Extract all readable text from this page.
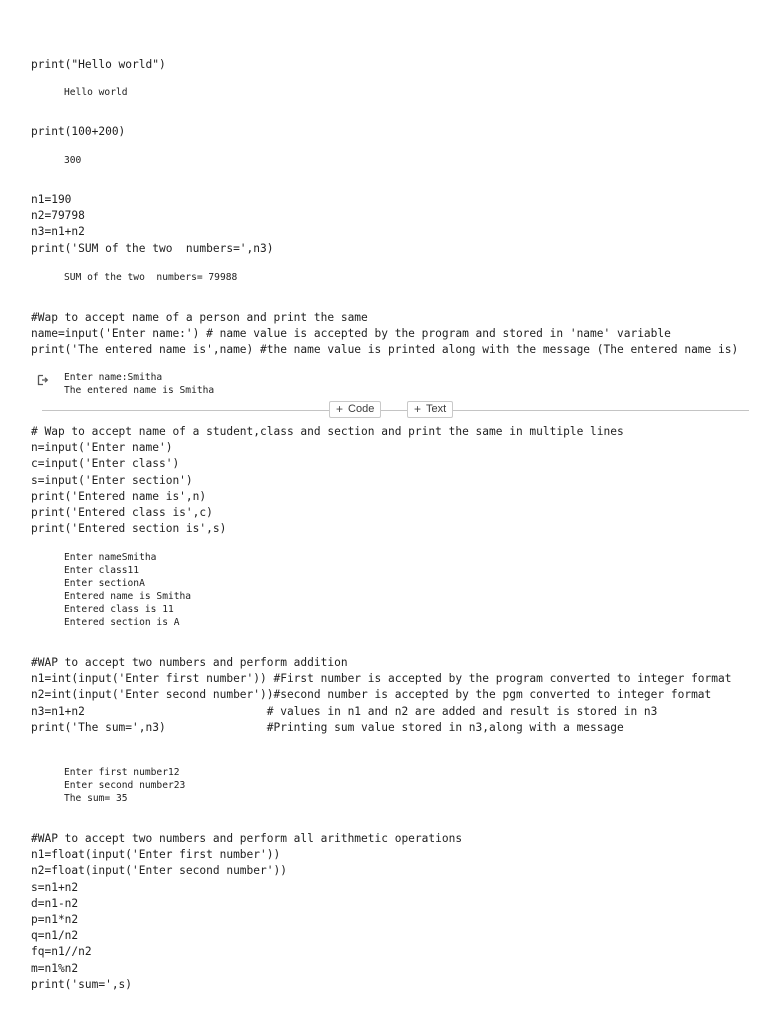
print("Hello world")
Hello world
print(100+200)
300
n1=190
n2=79798
n3=n1+n2
print('SUM of the two  numbers=',n3)
SUM of the two  numbers= 79988
#Wap to accept name of a person and print the same
name=input('Enter name:') # name value is accepted by the program and stored in 'name' variable
print('The entered name is',name) #the name value is printed along with the message (The entered name is)
Enter name:Smitha
The entered name is Smitha
+ Code	+ Text
# Wap to accept name of a student,class and section and print the same in multiple lines
n=input('Enter name')
c=input('Enter class')
s=input('Enter section')
print('Entered name is',n)
print('Entered class is',c)
print('Entered section is',s)
Enter nameSmitha
Enter class11
Enter sectionA
Entered name is Smitha
Entered class is 11
Entered section is A
#WAP to accept two numbers and perform addition
n1=int(input('Enter first number')) #First number is accepted by the program converted to integer format
n2=int(input('Enter second number'))#second number is accepted by the pgm converted to integer format
n3=n1+n2                           # values in n1 and n2 are added and result is stored in n3
print('The sum=',n3)               #Printing sum value stored in n3,along with a message
Enter first number12
Enter second number23
The sum= 35
#WAP to accept two numbers and perform all arithmetic operations
n1=float(input('Enter first number'))
n2=float(input('Enter second number'))
s=n1+n2
d=n1-n2
p=n1*n2
q=n1/n2
fq=n1//n2
m=n1%n2
print('sum=',s)
